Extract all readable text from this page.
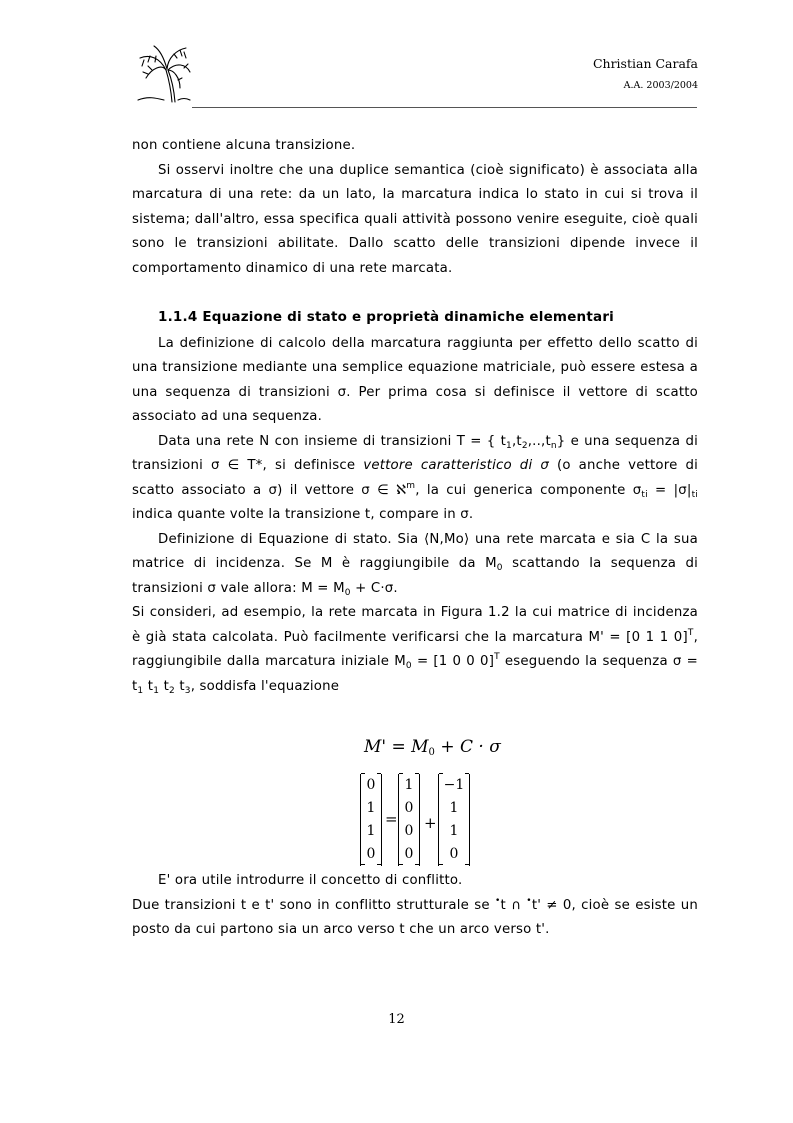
Christian Carafa
A.A. 2003/2004

non contiene alcuna transizione.

Si osservi inoltre che una duplice semantica (cioè significato) è associata alla marcatura di una rete: da un lato, la marcatura indica lo stato in cui si trova il sistema; dall'altro, essa specifica quali attività possono venire eseguite, cioè quali sono le transizioni abilitate. Dallo scatto delle transizioni dipende invece il comportamento dinamico di una rete marcata.

1.1.4 Equazione di stato e proprietà dinamiche elementari

La definizione di calcolo della marcatura raggiunta per effetto dello scatto di una transizione mediante una semplice equazione matriciale, può essere estesa a una sequenza di transizioni σ. Per prima cosa si definisce il vettore di scatto associato ad una sequenza.

Data una rete N con insieme di transizioni T = { $t_1,t_2,..,t_n$} e una sequenza di transizioni σ ∈ T*, si definisce vettore caratteristico di σ (o anche vettore di scatto associato a σ) il vettore σ ∈ ℵ$^m$, la cui generica componente $\sigma_{ti} = |\sigma|_{ti}$ indica quante volte la transizione t, compare in σ.

Definizione di Equazione di stato. Sia ⟨N,Mo⟩ una rete marcata e sia C la sua matrice di incidenza. Se M è raggiungibile da $M_0$ scattando la sequenza di transizioni σ vale allora: $M = M_0 + C\cdot\sigma$.

Si consideri, ad esempio, la rete marcata in Figura 1.2 la cui matrice di incidenza è già stata calcolata. Può facilmente verificarsi che la marcatura M' = [0 1 1 0]$^T$, raggiungibile dalla marcatura iniziale $M_0 = [1$ 0 0 0]$^T$ eseguendo la sequenza $\sigma = t_1$ $t_1$ $t_2$ $t_3$, soddisfa l'equazione

E' ora utile introdurre il concetto di conflitto.

Due transizioni t e t' sono in conflitto strutturale se •t ∩ •t' ≠ 0, cioè se esiste un posto da cui partono sia un arco verso t che un arco verso t'.

$M' = M_0 + C \cdot \sigma$
0
1
1
0
=
1
0
0
0
+
−1
1
1
0
12
